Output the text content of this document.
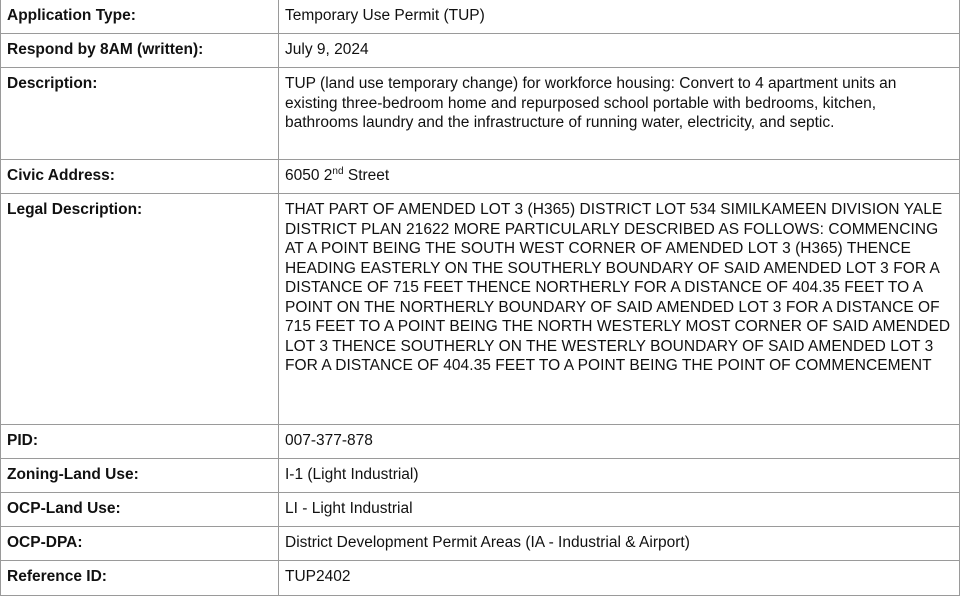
Application Type:	Temporary Use Permit (TUP)
Respond by 8AM (written):	July 9, 2024
Description:	TUP (land use temporary change) for workforce housing: Convert to 4 apartment units an existing three-bedroom home and repurposed school portable with bedrooms, kitchen, bathrooms laundry and the infrastructure of running water, electricity, and septic.
Civic Address:	6050 2nd Street
Legal Description:	THAT PART OF AMENDED LOT 3 (H365) DISTRICT LOT 534 SIMILKAMEEN DIVISION YALE DISTRICT PLAN 21622 MORE PARTICULARLY DESCRIBED AS FOLLOWS: COMMENCING AT A POINT BEING THE SOUTH WEST CORNER OF AMENDED LOT 3 (H365) THENCE HEADING EASTERLY ON THE SOUTHERLY BOUNDARY OF SAID AMENDED LOT 3 FOR A DISTANCE OF 715 FEET THENCE NORTHERLY FOR A DISTANCE OF 404.35 FEET TO A POINT ON THE NORTHERLY BOUNDARY OF SAID AMENDED LOT 3 FOR A DISTANCE OF 715 FEET TO A POINT BEING THE NORTH WESTERLY MOST CORNER OF SAID AMENDED LOT 3 THENCE SOUTHERLY ON THE WESTERLY BOUNDARY OF SAID AMENDED LOT 3 FOR A DISTANCE OF 404.35 FEET TO A POINT BEING THE POINT OF COMMENCEMENT
PID:	007-377-878
Zoning-Land Use:	I-1 (Light Industrial)
OCP-Land Use:	LI - Light Industrial
OCP-DPA:	District Development Permit Areas (IA - Industrial & Airport)
Reference ID:	TUP2402
